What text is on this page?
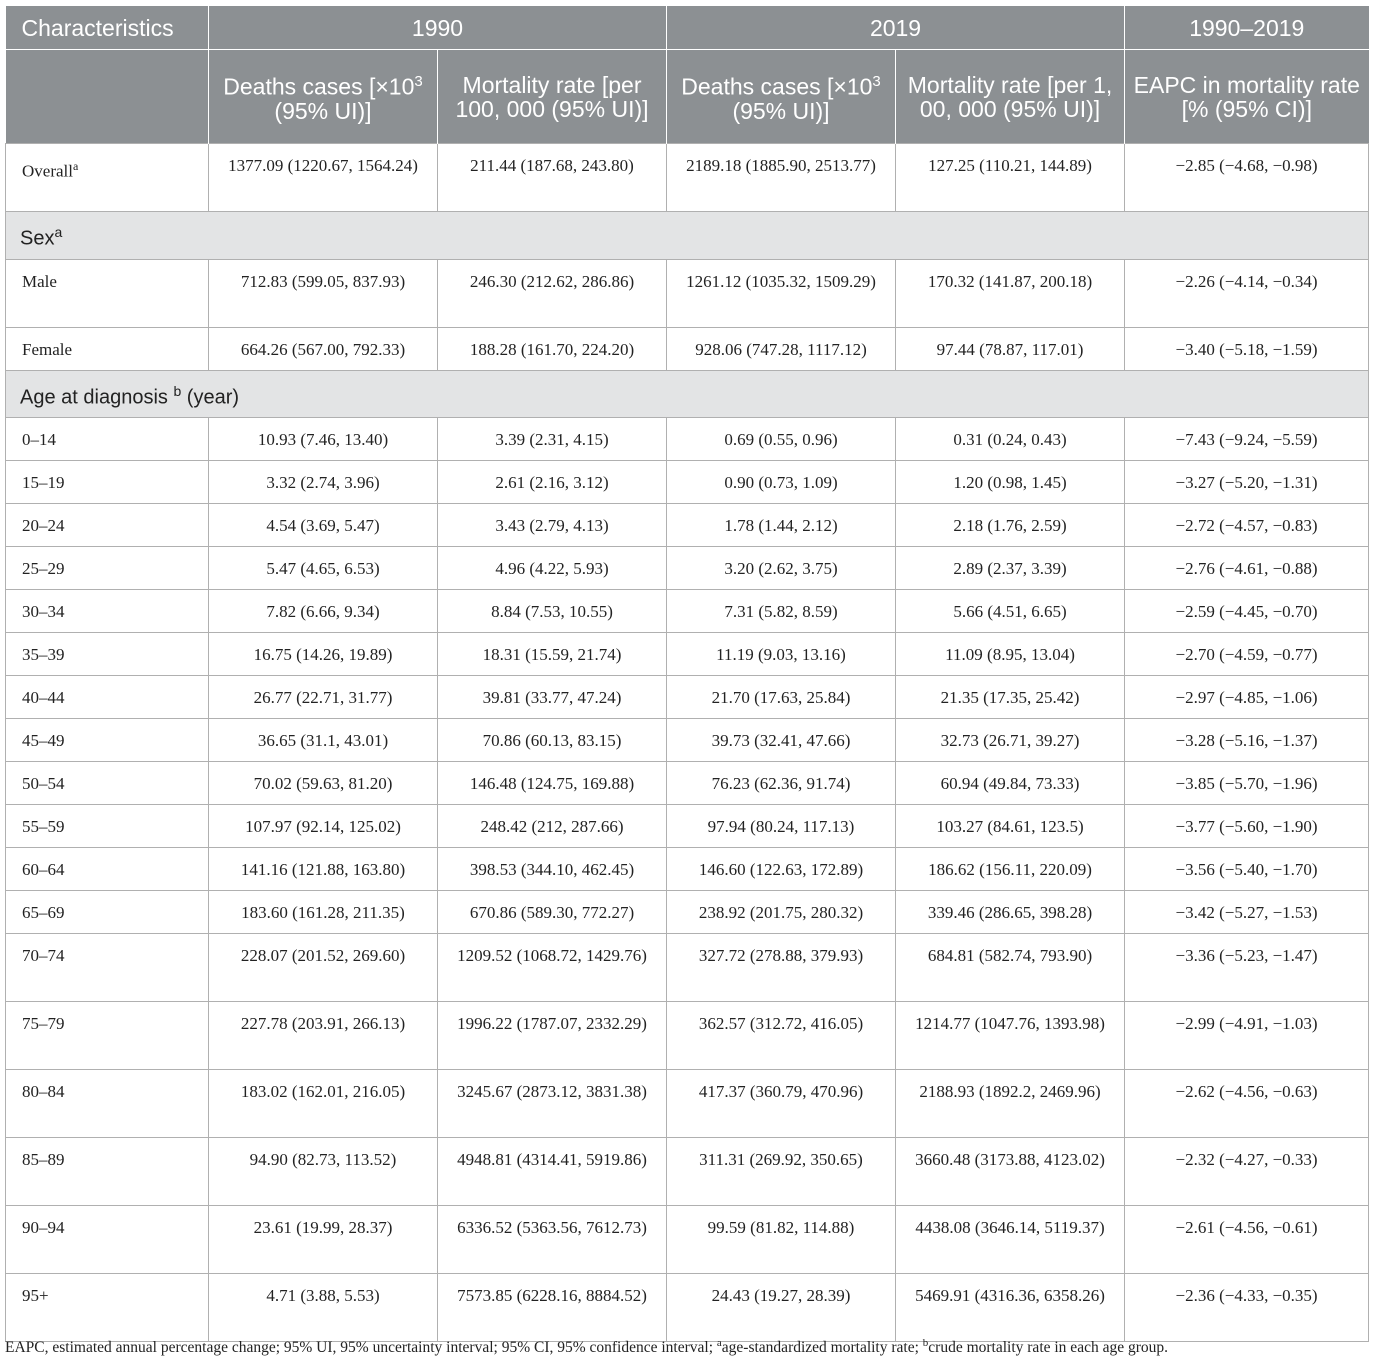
Characteristics	1990		2019		1990–2019
	Deaths cases [$\times 10^3$ (95% UI)]	Mortality rate [per 100, 000 (95% UI)]	Deaths cases [$\times 10^3$ (95% UI)]	Mortality rate [per 1, 00, 000 (95% UI)]	EAPC in mortality rate [% (95% CI)]
Overall$^a$	1377.09 (1220.67, 1564.24)	211.44 (187.68, 243.80)	2189.18 (1885.90, 2513.77)	127.25 (110.21, 144.89)	−2.85 (−4.68, −0.98)
Sex$^a$
Male	712.83 (599.05, 837.93)	246.30 (212.62, 286.86)	1261.12 (1035.32, 1509.29)	170.32 (141.87, 200.18)	−2.26 (−4.14, −0.34)
Female	664.26 (567.00, 792.33)	188.28 (161.70, 224.20)	928.06 (747.28, 1117.12)	97.44 (78.87, 117.01)	−3.40 (−5.18, −1.59)
Age at diagnosis $^b$ (year)					
0–14	10.93 (7.46, 13.40)	3.39 (2.31, 4.15)	0.69 (0.55, 0.96)	0.31 (0.24, 0.43)	−7.43 (−9.24, −5.59)
15–19	3.32 (2.74, 3.96)	2.61 (2.16, 3.12)	0.90 (0.73, 1.09)	1.20 (0.98, 1.45)	−3.27 (−5.20, −1.31)
20–24	4.54 (3.69, 5.47)	3.43 (2.79, 4.13)	1.78 (1.44, 2.12)	2.18 (1.76, 2.59)	−2.72 (−4.57, −0.83)
25–29	5.47 (4.65, 6.53)	4.96 (4.22, 5.93)	3.20 (2.62, 3.75)	2.89 (2.37, 3.39)	−2.76 (−4.61, −0.88)
30–34	7.82 (6.66, 9.34)	8.84 (7.53, 10.55)	7.31 (5.82, 8.59)	5.66 (4.51, 6.65)	−2.59 (−4.45, −0.70)
35–39	16.75 (14.26, 19.89)	18.31 (15.59, 21.74)	11.19 (9.03, 13.16)	11.09 (8.95, 13.04)	−2.70 (−4.59, −0.77)
40–44	26.77 (22.71, 31.77)	39.81 (33.77, 47.24)	21.70 (17.63, 25.84)	21.35 (17.35, 25.42)	−2.97 (−4.85, −1.06)
45–49	36.65 (31.1, 43.01)	70.86 (60.13, 83.15)	39.73 (32.41, 47.66)	32.73 (26.71, 39.27)	−3.28 (−5.16, −1.37)
50–54	70.02 (59.63, 81.20)	146.48 (124.75, 169.88)	76.23 (62.36, 91.74)	60.94 (49.84, 73.33)	−3.85 (−5.70, −1.96)
55–59	107.97 (92.14, 125.02)	248.42 (212, 287.66)	97.94 (80.24, 117.13)	103.27 (84.61, 123.5)	−3.77 (−5.60, −1.90)
60–64	141.16 (121.88, 163.80)	398.53 (344.10, 462.45)	146.60 (122.63, 172.89)	186.62 (156.11, 220.09)	−3.56 (−5.40, −1.70)
65–69	183.60 (161.28, 211.35)	670.86 (589.30, 772.27)	238.92 (201.75, 280.32)	339.46 (286.65, 398.28)	−3.42 (−5.27, −1.53)
70–74	228.07 (201.52, 269.60)	1209.52 (1068.72, 1429.76)	327.72 (278.88, 379.93)	684.81 (582.74, 793.90)	−3.36 (−5.23, −1.47)
75–79	227.78 (203.91, 266.13)	1996.22 (1787.07, 2332.29)	362.57 (312.72, 416.05)	1214.77 (1047.76, 1393.98)	−2.99 (−4.91, −1.03)
80–84	183.02 (162.01, 216.05)	3245.67 (2873.12, 3831.38)	417.37 (360.79, 470.96)	2188.93 (1892.2, 2469.96)	−2.62 (−4.56, −0.63)
85–89	94.90 (82.73, 113.52)	4948.81 (4314.41, 5919.86)	311.31 (269.92, 350.65)	3660.48 (3173.88, 4123.02)	−2.32 (−4.27, −0.33)
90–94	23.61 (19.99, 28.37)	6336.52 (5363.56, 7612.73)	99.59 (81.82, 114.88)	4438.08 (3646.14, 5119.37)	−2.61 (−4.56, −0.61)
95+	4.71 (3.88, 5.53)	7573.85 (6228.16, 8884.52)	24.43 (19.27, 28.39)	5469.91 (4316.36, 6358.26)	−2.36 (−4.33, −0.35)
EAPC, estimated annual percentage change; 95% UI, 95% uncertainty interval; 95% CI, 95% confidence interval; $^a$age-standardized mortality rate; $^b$crude mortality rate in each age group.
